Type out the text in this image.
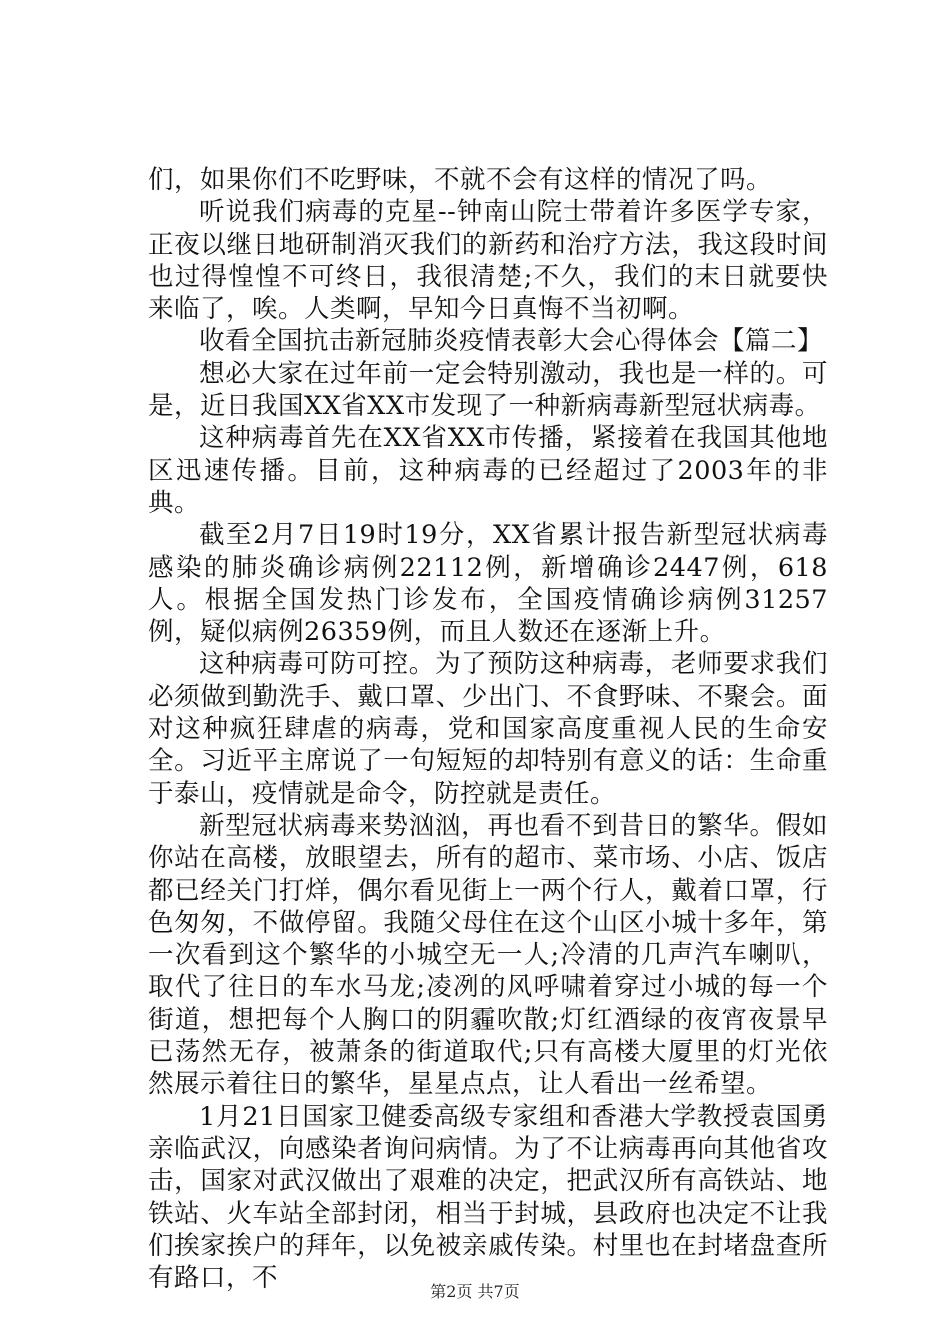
们，如果你们不吃野味，不就不会有这样的情况了吗。

听说我们病毒的克星--钟南山院士带着许多医学专家，正夜以继日地研制消灭我们的新药和治疗方法，我这段时间也过得惶惶不可终日，我很清楚;不久，我们的末日就要快来临了，唉。人类啊，早知今日真悔不当初啊。

收看全国抗击新冠肺炎疫情表彰大会心得体会【篇二】

想必大家在过年前一定会特别激动，我也是一样的。可是，近日我国XX省XX市发现了一种新病毒新型冠状病毒。

这种病毒首先在XX省XX市传播，紧接着在我国其他地区迅速传播。目前，这种病毒的已经超过了2003年的非典。

截至2月7日19时19分，XX省累计报告新型冠状病毒感染的肺炎确诊病例22112例，新增确诊2447例，618人。根据全国发热门诊发布，全国疫情确诊病例31257例，疑似病例26359例，而且人数还在逐渐上升。

这种病毒可防可控。为了预防这种病毒，老师要求我们必须做到勤洗手、戴口罩、少出门、不食野味、不聚会。面对这种疯狂肆虐的病毒，党和国家高度重视人民的生命安全。习近平主席说了一句短短的却特别有意义的话：生命重于泰山，疫情就是命令，防控就是责任。

新型冠状病毒来势汹汹，再也看不到昔日的繁华。假如你站在高楼，放眼望去，所有的超市、菜市场、小店、饭店都已经关门打烊，偶尔看见街上一两个行人，戴着口罩，行色匆匆，不做停留。我随父母住在这个山区小城十多年，第一次看到这个繁华的小城空无一人;冷清的几声汽车喇叭，取代了往日的车水马龙;凌冽的风呼啸着穿过小城的每一个街道，想把每个人胸口的阴霾吹散;灯红酒绿的夜宵夜景早已荡然无存，被萧条的街道取代;只有高楼大厦里的灯光依然展示着往日的繁华，星星点点，让人看出一丝希望。

1月21日国家卫健委高级专家组和香港大学教授袁国勇亲临武汉，向感染者询问病情。为了不让病毒再向其他省攻击，国家对武汉做出了艰难的决定，把武汉所有高铁站、地铁站、火车站全部封闭，相当于封城，县政府也决定不让我们挨家挨户的拜年，以免被亲戚传染。村里也在封堵盘查所有路口，不	第2页 共7页
